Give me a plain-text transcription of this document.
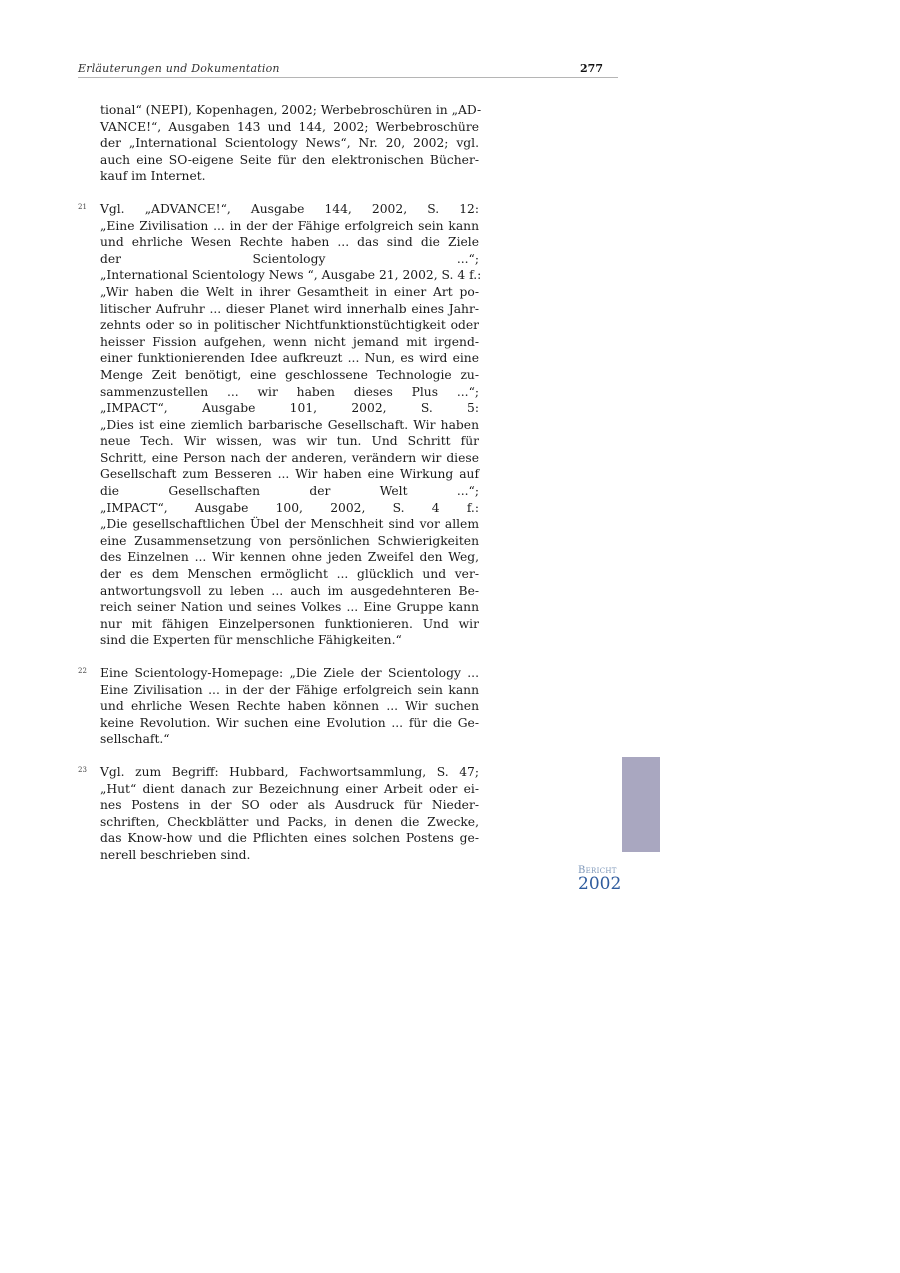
Erläuterungen und Dokumentation	277
tional“ (NEPI), Kopenhagen, 2002; Werbebroschüren in „AD-
VANCE!“, Ausgaben 143 und 144, 2002; Werbebroschüre
der „International Scientology News“, Nr. 20, 2002; vgl.
auch eine SO-eigene Seite für den elektronischen Bücher-
kauf im Internet.
21 Vgl. „ADVANCE!“, Ausgabe 144, 2002, S. 12:
„Eine Zivilisation ... in der der Fähige erfolgreich sein kann
und ehrliche Wesen Rechte haben ... das sind die Ziele
der Scientology ...“;
„International Scientology News “, Ausgabe 21, 2002, S. 4 f.:
„Wir haben die Welt in ihrer Gesamtheit in einer Art po-
litischer Aufruhr ... dieser Planet wird innerhalb eines Jahr-
zehnts oder so in politischer Nichtfunktionstüchtigkeit oder
heisser Fission aufgehen, wenn nicht jemand mit irgend-
einer funktionierenden Idee aufkreuzt ... Nun, es wird eine
Menge Zeit benötigt, eine geschlossene Technologie zu-
sammenzustellen ... wir haben dieses Plus ...“;
„IMPACT“, Ausgabe 101, 2002, S. 5:
„Dies ist eine ziemlich barbarische Gesellschaft. Wir haben
neue Tech. Wir wissen, was wir tun. Und Schritt für
Schritt, eine Person nach der anderen, verändern wir diese
Gesellschaft zum Besseren ... Wir haben eine Wirkung auf
die Gesellschaften der Welt ...“;
„IMPACT“, Ausgabe 100, 2002, S. 4 f.:
„Die gesellschaftlichen Übel der Menschheit sind vor allem
eine Zusammensetzung von persönlichen Schwierigkeiten
des Einzelnen ... Wir kennen ohne jeden Zweifel den Weg,
der es dem Menschen ermöglicht ... glücklich und ver-
antwortungsvoll zu leben ... auch im ausgedehnteren Be-
reich seiner Nation und seines Volkes ... Eine Gruppe kann
nur mit fähigen Einzelpersonen funktionieren. Und wir
sind die Experten für menschliche Fähigkeiten.“
22 Eine Scientology-Homepage: „Die Ziele der Scientology ...
Eine Zivilisation ... in der der Fähige erfolgreich sein kann
und ehrliche Wesen Rechte haben können ... Wir suchen
keine Revolution. Wir suchen eine Evolution ... für die Ge-
sellschaft.“
23 Vgl. zum Begriff: Hubbard, Fachwortsammlung, S. 47;
„Hut“ dient danach zur Bezeichnung einer Arbeit oder ei-
nes Postens in der SO oder als Ausdruck für Nieder-
schriften, Checkblätter und Packs, in denen die Zwecke,
das Know-how und die Pflichten eines solchen Postens ge-
nerell beschrieben sind.
Bericht
2002
